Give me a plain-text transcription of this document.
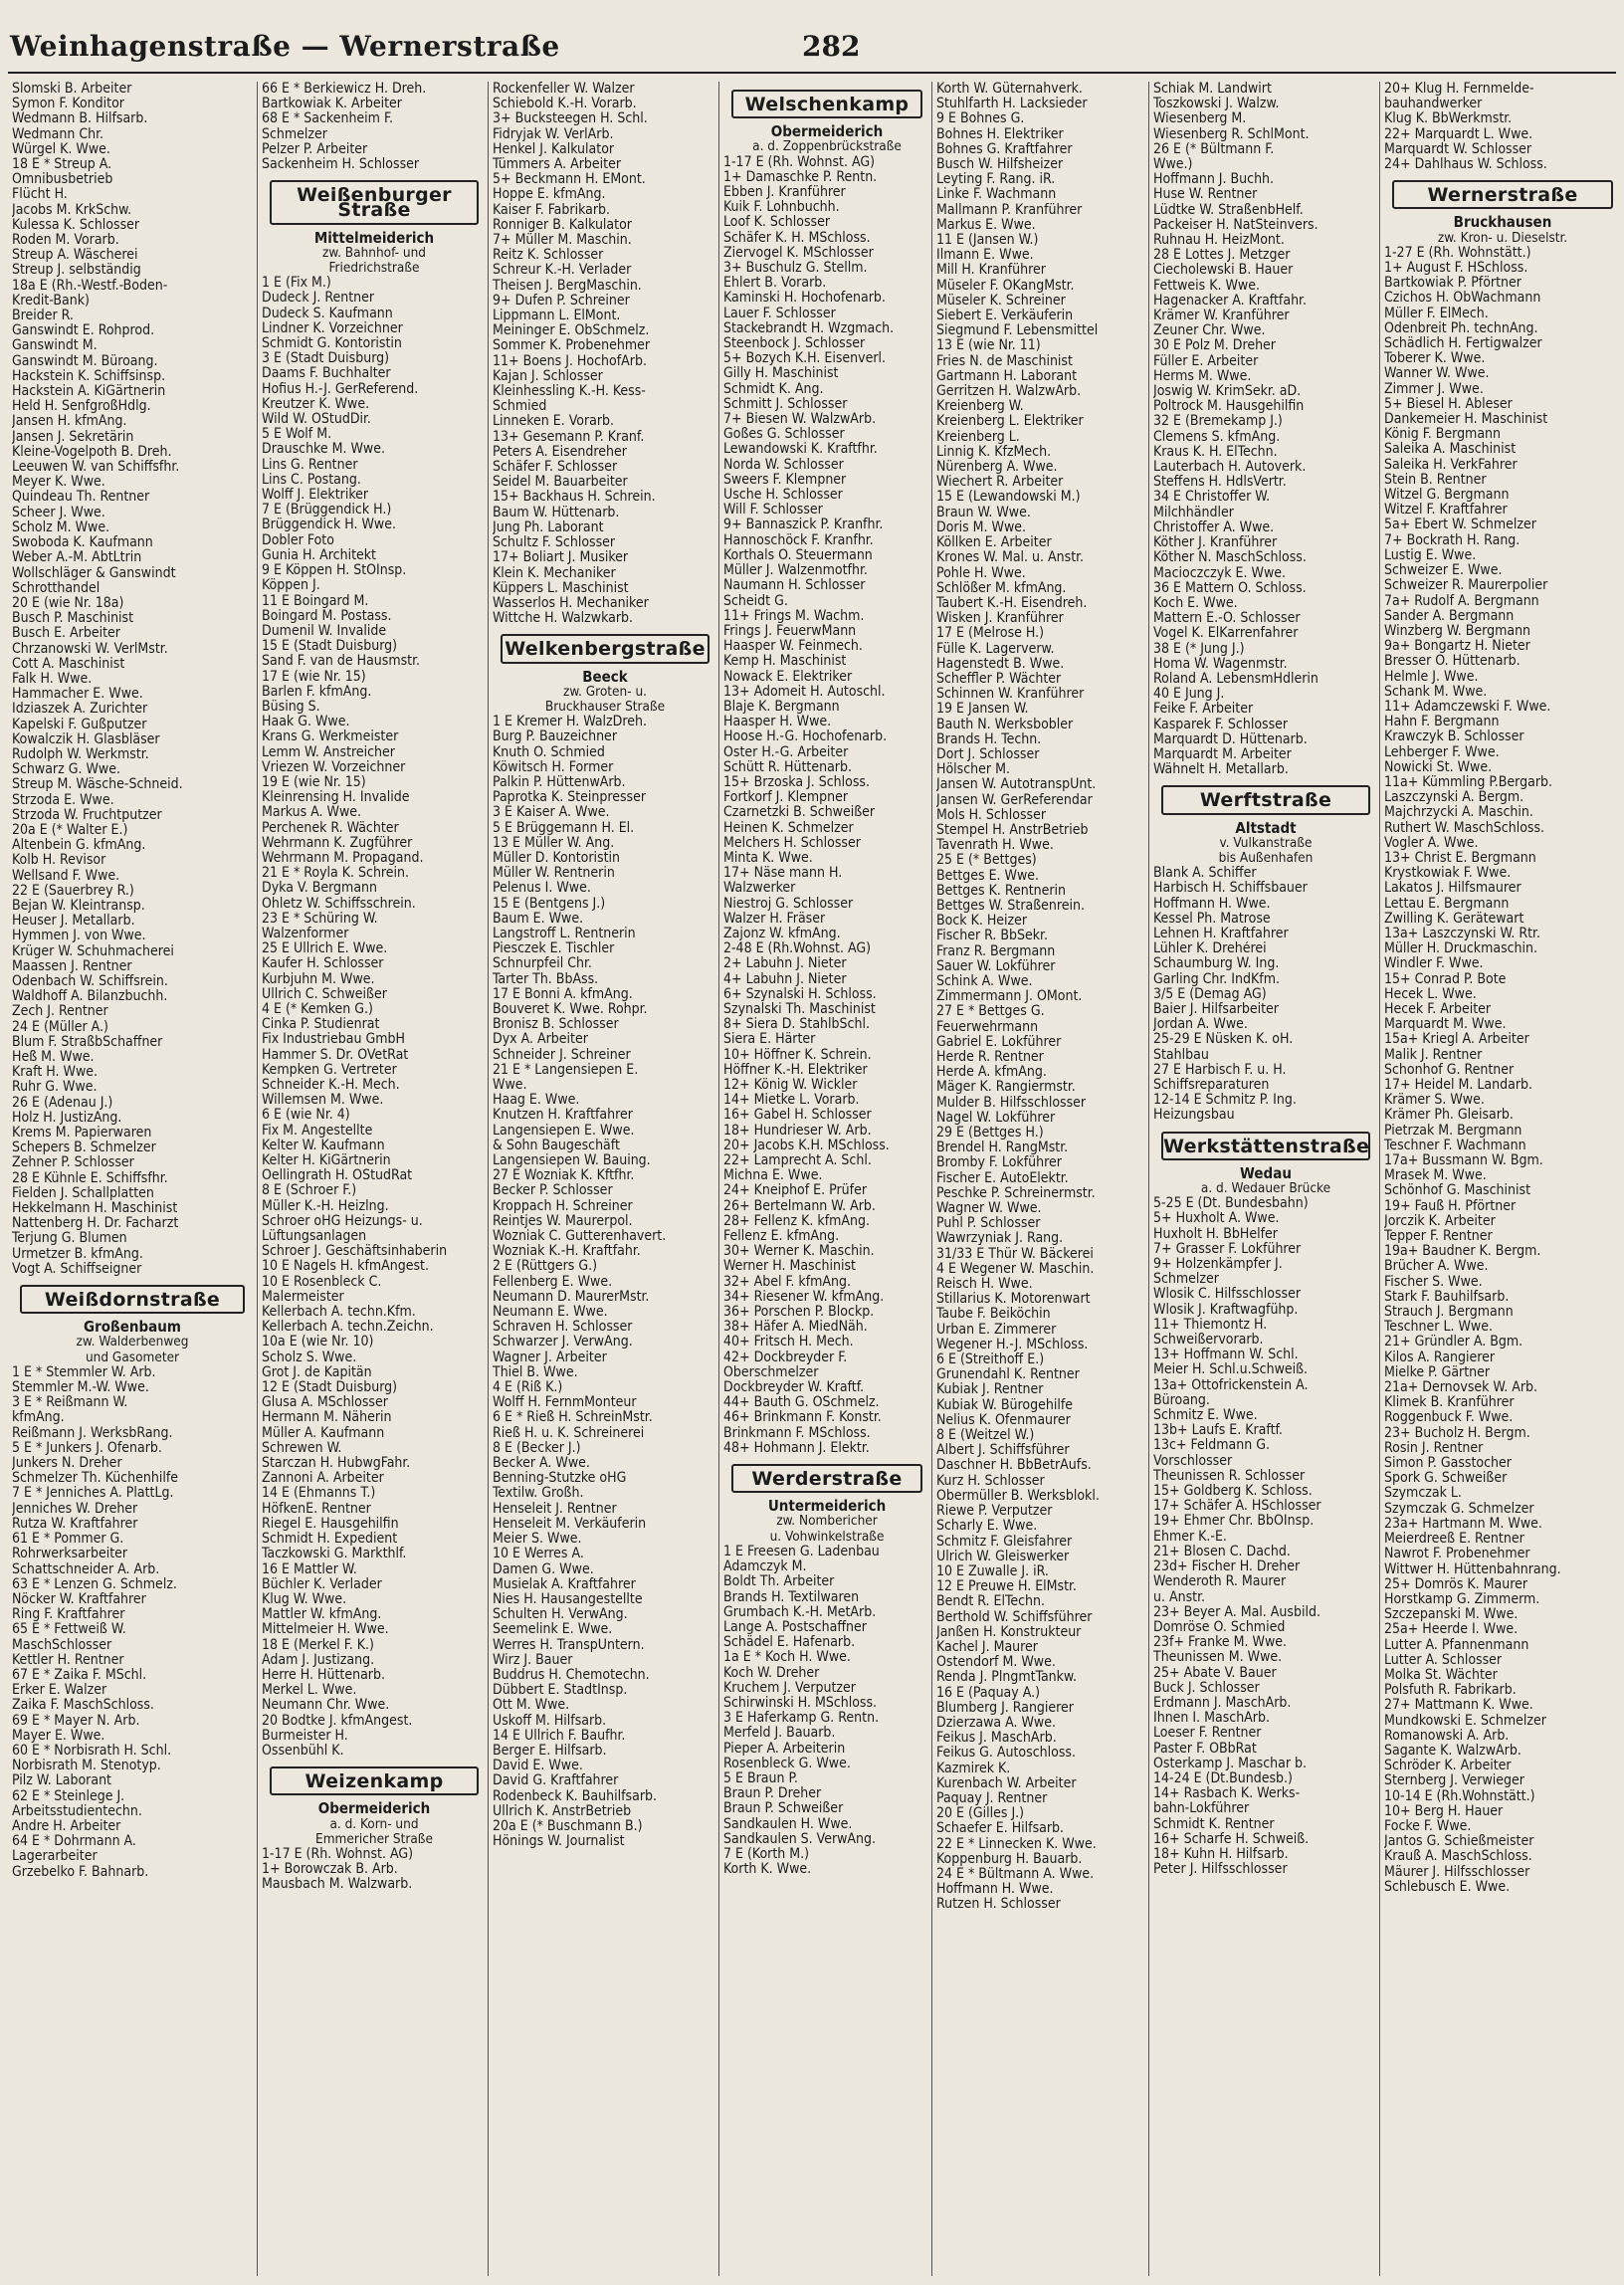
Weinhagenstraße — Wernerstraße	282
Slomski B. Arbeiter
Symon F. Konditor
Wedmann B. Hilfsarb.
Wedmann Chr.
Würgel K. Wwe.
18 E * Streup A.
Omnibusbetrieb
Flücht H.
Jacobs M. KrkSchw.
Kulessa K. Schlosser
Roden M. Vorarb.
Streup A. Wäscherei
Streup J. selbständig
18a E (Rh.-Westf.-Boden-
Kredit-Bank)
Breider R.
Ganswindt E. Rohprod.
Ganswindt M.
Ganswindt M. Büroang.
Hackstein K. Schiffsinsp.
Hackstein A. KiGärtnerin
Held H. SenfgroßHdlg.
Jansen H. kfmAng.
Jansen J. Sekretärin
Kleine-Vogelpoth B. Dreh.
Leeuwen W. van Schiffsfhr.
Meyer K. Wwe.
Quindeau Th. Rentner
Scheer J. Wwe.
Scholz M. Wwe.
Swoboda K. Kaufmann
Weber A.-M. AbtLtrin
Wollschläger & Ganswindt
Schrotthandel
20 E (wie Nr. 18a)
Busch P. Maschinist
Busch E. Arbeiter
Chrzanowski W. VerlMstr.
Cott A. Maschinist
Falk H. Wwe.
Hammacher E. Wwe.
Idziaszek A. Zurichter
Kapelski F. Gußputzer
Kowalczik H. Glasbläser
Rudolph W. Werkmstr.
Schwarz G. Wwe.
Streup M. Wäsche-Schneid.
Strzoda E. Wwe.
Strzoda W. Fruchtputzer
20a E (* Walter E.)
Altenbein G. kfmAng.
Kolb H. Revisor
Wellsand F. Wwe.
22 E (Sauerbrey R.)
Bejan W. Kleintransp.
Heuser J. Metallarb.
Hymmen J. von Wwe.
Krüger W. Schuhmacherei
Maassen J. Rentner
Odenbach W. Schiffsrein.
Waldhoff A. Bilanzbuchh.
Zech J. Rentner
24 E (Müller A.)
Blum F. StraßbSchaffner
Heß M. Wwe.
Kraft H. Wwe.
Ruhr G. Wwe.
26 E (Adenau J.)
Holz H. JustizAng.
Krems M. Papierwaren
Schepers B. Schmelzer
Zehner P. Schlosser
28 E Kühnle E. Schiffsfhr.
Fielden J. Schallplatten
Hekkelmann H. Maschinist
Nattenberg H. Dr. Facharzt
Terjung G. Blumen
Urmetzer B. kfmAng.
Vogt A. Schiffseigner
Weißdornstraße
Großenbaum
zw. Walderbenweg
und Gasometer
1 E * Stemmler W. Arb.
Stemmler M.-W. Wwe.
3 E * Reißmann W.
kfmAng.
Reißmann J. WerksbRang.
5 E * Junkers J. Ofenarb.
Junkers N. Dreher
Schmelzer Th. Küchenhilfe
7 E * Jenniches A. PlattLg.
Jenniches W. Dreher
Rutza W. Kraftfahrer
61 E * Pommer G.
Rohrwerksarbeiter
Schattschneider A. Arb.
63 E * Lenzen G. Schmelz.
Nöcker W. Kraftfahrer
Ring F. Kraftfahrer
65 E * Fettweiß W.
MaschSchlosser
Kettler H. Rentner
67 E * Zaika F. MSchl.
Erker E. Walzer
Zaika F. MaschSchloss.
69 E * Mayer N. Arb.
Mayer E. Wwe.
60 E * Norbisrath H. Schl.
Norbisrath M. Stenotyp.
Pilz W. Laborant
62 E * Steinlege J.
Arbeitsstudientechn.
Andre H. Arbeiter
64 E * Dohrmann A.
Lagerarbeiter
Grzebelko F. Bahnarb.
66 E * Berkiewicz H. Dreh.
Bartkowiak K. Arbeiter
68 E * Sackenheim F.
Schmelzer
Pelzer P. Arbeiter
Sackenheim H. Schlosser
Weißenburger Straße
Mittelmeiderich
zw. Bahnhof- und
Friedrichstraße
1 E (Fix M.)
Dudeck J. Rentner
Dudeck S. Kaufmann
Lindner K. Vorzeichner
Schmidt G. Kontoristin
3 E (Stadt Duisburg)
Daams F. Buchhalter
Hofius H.-J. GerReferend.
Kreutzer K. Wwe.
Wild W. OStudDir.
5 E Wolf M.
Drauschke M. Wwe.
Lins G. Rentner
Lins C. Postang.
Wolff J. Elektriker
7 E (Brüggendick H.)
Brüggendick H. Wwe.
Dobler Foto
Gunia H. Architekt
9 E Köppen H. StOInsp.
Köppen J.
11 E Boingard M.
Boingard M. Postass.
Dumenil W. Invalide
15 E (Stadt Duisburg)
Sand F. van de Hausmstr.
17 E (wie Nr. 15)
Barlen F. kfmAng.
Büsing S.
Haak G. Wwe.
Krans G. Werkmeister
Lemm W. Anstreicher
Vriezen W. Vorzeichner
19 E (wie Nr. 15)
Kleinrensing H. Invalide
Markus A. Wwe.
Perchenek R. Wächter
Wehrmann K. Zugführer
Wehrmann M. Propagand.
21 E * Royla K. Schrein.
Dyka V. Bergmann
Ohletz W. Schiffsschrein.
23 E * Schüring W.
Walzenformer
25 E Ullrich E. Wwe.
Kaufer H. Schlosser
Kurbjuhn M. Wwe.
Ullrich C. Schweißer
4 E (* Kemken G.)
Cinka P. Studienrat
Fix Industriebau GmbH
Hammer S. Dr. OVetRat
Kempken G. Vertreter
Schneider K.-H. Mech.
Willemsen M. Wwe.
6 E (wie Nr. 4)
Fix M. Angestellte
Kelter W. Kaufmann
Kelter H. KiGärtnerin
Oellingrath H. OStudRat
8 E (Schroer F.)
Müller K.-H. Heizlng.
Schroer oHG Heizungs- u.
Lüftungsanlagen
Schroer J. Geschäftsinhaberin
10 E Nagels H. kfmAngest.
10 E Rosenbleck C.
Malermeister
Kellerbach A. techn.Kfm.
Kellerbach A. techn.Zeichn.
10a E (wie Nr. 10)
Scholz S. Wwe.
Grot J. de Kapitän
12 E (Stadt Duisburg)
Glusa A. MSchlosser
Hermann M. Näherin
Müller A. Kaufmann
Schrewen W.
Starczan H. HubwgFahr.
Zannoni A. Arbeiter
14 E (Ehmanns T.)
HöfkenE. Rentner
Riegel E. Hausgehilfin
Schmidt H. Expedient
Taczkowski G. Markthlf.
16 E Mattler W.
Büchler K. Verlader
Klug W. Wwe.
Mattler W. kfmAng.
Mittelmeier H. Wwe.
18 E (Merkel F. K.)
Adam J. Justizang.
Herre H. Hüttenarb.
Merkel L. Wwe.
Neumann Chr. Wwe.
20 Bodtke J. kfmAngest.
Burmeister H.
Ossenbühl K.
Weizenkamp
Obermeiderich
a. d. Korn- und
Emmericher Straße
1-17 E (Rh. Wohnst. AG)
1+ Borowczak B. Arb.
Mausbach M. Walzwarb.
Rockenfeller W. Walzer
Schiebold K.-H. Vorarb.
3+ Bucksteegen H. Schl.
Fidryjak W. VerlArb.
Henkel J. Kalkulator
Tümmers A. Arbeiter
5+ Beckmann H. EMont.
Hoppe E. kfmAng.
Kaiser F. Fabrikarb.
Ronniger B. Kalkulator
7+ Müller M. Maschin.
Reitz K. Schlosser
Schreur K.-H. Verlader
Theisen J. BergMaschin.
9+ Dufen P. Schreiner
Lippmann L. ElMont.
Meininger E. ObSchmelz.
Sommer K. Probenehmer
11+ Boens J. HochofArb.
Kajan J. Schlosser
Kleinhessling K.-H. Kess-
Schmied
Linneken E. Vorarb.
13+ Gesemann P. Kranf.
Peters A. Eisendreher
Schäfer F. Schlosser
Seidel M. Bauarbeiter
15+ Backhaus H. Schrein.
Baum W. Hüttenarb.
Jung Ph. Laborant
Schultz F. Schlosser
17+ Boliart J. Musiker
Klein K. Mechaniker
Küppers L. Maschinist
Wasserlos H. Mechaniker
Wittche H. Walzwkarb.
Welkenbergstraße
Beeck
zw. Groten- u.
Bruckhauser Straße
1 E Kremer H. WalzDreh.
Burg P. Bauzeichner
Knuth O. Schmied
Köwitsch H. Former
Palkin P. HüttenwArb.
Paprotka K. Steinpresser
3 E Kaiser A. Wwe.
5 E Brüggemann H. El.
13 E Müller W. Ang.
Müller D. Kontoristin
Müller W. Rentnerin
Pelenus I. Wwe.
15 E (Bentgens J.)
Baum E. Wwe.
Langstroff L. Rentnerin
Piesczek E. Tischler
Schnurpfeil Chr.
Tarter Th. BbAss.
17 E Bonni A. kfmAng.
Bouveret K. Wwe. Rohpr.
Bronisz B. Schlosser
Dyx A. Arbeiter
Schneider J. Schreiner
21 E * Langensiepen E.
Wwe.
Haag E. Wwe.
Knutzen H. Kraftfahrer
Langensiepen E. Wwe.
& Sohn Baugeschäft
Langensiepen W. Bauing.
27 E Wozniak K. Kftfhr.
Becker P. Schlosser
Kroppach H. Schreiner
Reintjes W. Maurerpol.
Wozniak C. Gutterenhavert.
Wozniak K.-H. Kraftfahr.
2 E (Rüttgers G.)
Fellenberg E. Wwe.
Neumann D. MaurerMstr.
Neumann E. Wwe.
Schraven H. Schlosser
Schwarzer J. VerwAng.
Wagner J. Arbeiter
Thiel B. Wwe.
4 E (Riß K.)
Wolff H. FernmMonteur
6 E * Rieß H. SchreinMstr.
Rieß H. u. K. Schreinerei
8 E (Becker J.)
Becker A. Wwe.
Benning-Stutzke oHG
Textilw. Großh.
Henseleit J. Rentner
Henseleit M. Verkäuferin
Meier S. Wwe.
10 E Werres A.
Damen G. Wwe.
Musielak A. Kraftfahrer
Nies H. Hausangestellte
Schulten H. VerwAng.
Seemelink E. Wwe.
Werres H. TranspUntern.
Wirz J. Bauer
Buddrus H. Chemotechn.
Dübbert E. StadtInsp.
Ott M. Wwe.
Uskoff M. Hilfsarb.
14 E Ullrich F. Baufhr.
Berger E. Hilfsarb.
David E. Wwe.
David G. Kraftfahrer
Rodenbeck K. Bauhilfsarb.
Ullrich K. AnstrBetrieb
20a E (* Buschmann B.)
Hönings W. Journalist
Welschenkamp
Obermeiderich
a. d. Zoppenbrückstraße
1-17 E (Rh. Wohnst. AG)
1+ Damaschke P. Rentn.
Ebben J. Kranführer
Kuik F. Lohnbuchh.
Loof K. Schlosser
Schäfer K. H. MSchloss.
Ziervogel K. MSchlosser
3+ Buschulz G. Stellm.
Ehlert B. Vorarb.
Kaminski H. Hochofenarb.
Lauer F. Schlosser
Stackebrandt H. Wzgmach.
Steenbock J. Schlosser
5+ Bozych K.H. Eisenverl.
Gilly H. Maschinist
Schmidt K. Ang.
Schmitt J. Schlosser
7+ Biesen W. WalzwArb.
Goßes G. Schlosser
Lewandowski K. Kraftfhr.
Norda W. Schlosser
Sweers F. Klempner
Usche H. Schlosser
Will F. Schlosser
9+ Bannaszick P. Kranfhr.
Hannoschöck F. Kranfhr.
Korthals O. Steuermann
Müller J. Walzenmotfhr.
Naumann H. Schlosser
Scheidt G.
11+ Frings M. Wachm.
Frings J. FeuerwMann
Haasper W. Feinmech.
Kemp H. Maschinist
Nowack E. Elektriker
13+ Adomeit H. Autoschl.
Blaje K. Bergmann
Haasper H. Wwe.
Hoose H.-G. Hochofenarb.
Oster H.-G. Arbeiter
Schütt R. Hüttenarb.
15+ Brzoska J. Schloss.
Fortkorf J. Klempner
Czarnetzki B. Schweißer
Heinen K. Schmelzer
Melchers H. Schlosser
Minta K. Wwe.
17+ Näse mann H.
Walzwerker
Niestroj G. Schlosser
Walzer H. Fräser
Zajonz W. kfmAng.
2-48 E (Rh.Wohnst. AG)
2+ Labuhn J. Nieter
4+ Labuhn J. Nieter
6+ Szynalski H. Schloss.
Szynalski Th. Maschinist
8+ Siera D. StahlbSchl.
Siera E. Härter
10+ Höffner K. Schrein.
Höffner K.-H. Elektriker
12+ König W. Wickler
14+ Mietke L. Vorarb.
16+ Gabel H. Schlosser
18+ Hundrieser W. Arb.
20+ Jacobs K.H. MSchloss.
22+ Lamprecht A. Schl.
Michna E. Wwe.
24+ Kneiphof E. Prüfer
26+ Bertelmann W. Arb.
28+ Fellenz K. kfmAng.
Fellenz E. kfmAng.
30+ Werner K. Maschin.
Werner H. Maschinist
32+ Abel F. kfmAng.
34+ Riesener W. kfmAng.
36+ Porschen P. Blockp.
38+ Häfer A. MiedNäh.
40+ Fritsch H. Mech.
42+ Dockbreyder F.
Oberschmelzer
Dockbreyder W. Kraftf.
44+ Bauth G. OSchmelz.
46+ Brinkmann F. Konstr.
Brinkmann F. MSchloss.
48+ Hohmann J. Elektr.
Werderstraße
Untermeiderich
zw. Nombericher
u. Vohwinkelstraße
1 E Freesen G. Ladenbau
Adamczyk M.
Boldt Th. Arbeiter
Brands H. Textilwaren
Grumbach K.-H. MetArb.
Lange A. Postschaffner
Schädel E. Hafenarb.
1a E * Koch H. Wwe.
Koch W. Dreher
Kruchem J. Verputzer
Schirwinski H. MSchloss.
3 E Haferkamp G. Rentn.
Merfeld J. Bauarb.
Pieper A. Arbeiterin
Rosenbleck G. Wwe.
5 E Braun P.
Braun P. Dreher
Braun P. Schweißer
Sandkaulen H. Wwe.
Sandkaulen S. VerwAng.
7 E (Korth M.)
Korth K. Wwe.
Korth W. Güternahverk.
Stuhlfarth H. Lacksieder
9 E Bohnes G.
Bohnes H. Elektriker
Bohnes G. Kraftfahrer
Busch W. Hilfsheizer
Leyting F. Rang. iR.
Linke F. Wachmann
Mallmann P. Kranführer
Markus E. Wwe.
11 E (Jansen W.)
Ilmann E. Wwe.
Mill H. Kranführer
Müseler F. OKangMstr.
Müseler K. Schreiner
Siebert E. Verkäuferin
Siegmund F. Lebensmittel
13 E (wie Nr. 11)
Fries N. de Maschinist
Gartmann H. Laborant
Gerritzen H. WalzwArb.
Kreienberg W.
Kreienberg L. Elektriker
Kreienberg L.
Linnig K. KfzMech.
Nürenberg A. Wwe.
Wiechert R. Arbeiter
15 E (Lewandowski M.)
Braun W. Wwe.
Doris M. Wwe.
Köllken E. Arbeiter
Krones W. Mal. u. Anstr.
Pohle H. Wwe.
Schlößer M. kfmAng.
Taubert K.-H. Eisendreh.
Wisken J. Kranführer
17 E (Melrose H.)
Fülle K. Lagerverw.
Hagenstedt B. Wwe.
Scheffler P. Wächter
Schinnen W. Kranführer
19 E Jansen W.
Bauth N. Werksbobler
Brands H. Techn.
Dort J. Schlosser
Hölscher M.
Jansen W. AutotranspUnt.
Jansen W. GerReferendar
Mols H. Schlosser
Stempel H. AnstrBetrieb
Tavenrath H. Wwe.
25 E (* Bettges)
Bettges E. Wwe.
Bettges K. Rentnerin
Bettges W. Straßenrein.
Bock K. Heizer
Fischer R. BbSekr.
Franz R. Bergmann
Sauer W. Lokführer
Schink A. Wwe.
Zimmermann J. OMont.
27 E * Bettges G.
Feuerwehrmann
Gabriel E. Lokführer
Herde R. Rentner
Herde A. kfmAng.
Mäger K. Rangiermstr.
Mulder B. Hilfsschlosser
Nagel W. Lokführer
29 E (Bettges H.)
Brendel H. RangMstr.
Bromby F. Lokführer
Fischer E. AutoElektr.
Peschke P. Schreinermstr.
Wagner W. Wwe.
Puhl P. Schlosser
Wawrzyniak J. Rang.
31/33 E Thür W. Bäckerei
4 E Wegener W. Maschin.
Reisch H. Wwe.
Stillarius K. Motorenwart
Taube F. Beiköchin
Urban E. Zimmerer
Wegener H.-J. MSchloss.
6 E (Streithoff E.)
Grunendahl K. Rentner
Kubiak J. Rentner
Kubiak W. Bürogehilfe
Nelius K. Ofenmaurer
8 E (Weitzel W.)
Albert J. Schiffsführer
Daschner H. BbBetrAufs.
Kurz H. Schlosser
Obermüller B. Werksblokl.
Riewe P. Verputzer
Scharly E. Wwe.
Schmitz F. Gleisfahrer
Ulrich W. Gleiswerker
10 E Zuwalle J. iR.
12 E Preuwe H. ElMstr.
Bendt R. ElTechn.
Berthold W. Schiffsführer
Janßen H. Konstrukteur
Kachel J. Maurer
Ostendorf M. Wwe.
Renda J. PlngmtTankw.
16 E (Paquay A.)
Blumberg J. Rangierer
Dzierzawa A. Wwe.
Feikus J. MaschArb.
Feikus G. Autoschloss.
Kazmirek K.
Kurenbach W. Arbeiter
Paquay J. Rentner
20 E (Gilles J.)
Schaefer E. Hilfsarb.
22 E * Linnecken K. Wwe.
Koppenburg H. Bauarb.
24 E * Bültmann A. Wwe.
Hoffmann H. Wwe.
Rutzen H. Schlosser
Schiak M. Landwirt
Toszkowski J. Walzw.
Wiesenberg M.
Wiesenberg R. SchlMont.
26 E (* Bültmann F.
Wwe.)
Hoffmann J. Buchh.
Huse W. Rentner
Lüdtke W. StraßenbHelf.
Packeiser H. NatSteinvers.
Ruhnau H. HeizMont.
28 E Lottes J. Metzger
Ciecholewski B. Hauer
Fettweis K. Wwe.
Hagenacker A. Kraftfahr.
Krämer W. Kranführer
Zeuner Chr. Wwe.
30 E Polz M. Dreher
Füller E. Arbeiter
Herms M. Wwe.
Joswig W. KrimSekr. aD.
Poltrock M. Hausgehilfin
32 E (Bremekamp J.)
Clemens S. kfmAng.
Kraus K. H. ElTechn.
Lauterbach H. Autoverk.
Steffens H. HdlsVertr.
34 E Christoffer W.
Milchhändler
Christoffer A. Wwe.
Köther J. Kranführer
Köther N. MaschSchloss.
Macioczczyk E. Wwe.
36 E Mattern O. Schloss.
Koch E. Wwe.
Mattern E.-O. Schlosser
Vogel K. ElKarrenfahrer
38 E (* Jung J.)
Homa W. Wagenmstr.
Roland A. LebensmHdlerin
40 E Jung J.
Feike F. Arbeiter
Kasparek F. Schlosser
Marquardt D. Hüttenarb.
Marquardt M. Arbeiter
Wähnelt H. Metallarb.
Werftstraße
Altstadt
v. Vulkanstraße
bis Außenhafen
Blank A. Schiffer
Harbisch H. Schiffsbauer
Hoffmann H. Wwe.
Kessel Ph. Matrose
Lehnen H. Kraftfahrer
Lühler K. Drehérei
Schaumburg W. Ing.
Garling Chr. IndKfm.
3/5 E (Demag AG)
Baier J. Hilfsarbeiter
Jordan A. Wwe.
25-29 E Nüsken K. oH.
Stahlbau
27 E Harbisch F. u. H.
Schiffsreparaturen
12-14 E Schmitz P. Ing.
Heizungsbau
Werkstättenstraße
Wedau
a. d. Wedauer Brücke
5-25 E (Dt. Bundesbahn)
5+ Huxholt A. Wwe.
Huxholt H. BbHelfer
7+ Grasser F. Lokführer
9+ Holzenkämpfer J.
Schmelzer
Wlosik C. Hilfsschlosser
Wlosik J. Kraftwagfühр.
11+ Thiemontz H.
Schweißervorarb.
13+ Hoffmann W. Schl.
Meier H. Schl.u.Schweiß.
13a+ Ottofrickenstein A.
Büroang.
Schmitz E. Wwe.
13b+ Laufs E. Kraftf.
13c+ Feldmann G.
Vorschlosser
Theunissen R. Schlosser
15+ Goldberg K. Schloss.
17+ Schäfer A. HSchlosser
19+ Ehmer Chr. BbOInsp.
Ehmer K.-E.
21+ Blosen C. Dachd.
23d+ Fischer H. Dreher
Wenderoth R. Maurer
u. Anstr.
23+ Beyer A. Mal. Ausbild.
Domröse O. Schmied
23f+ Franke M. Wwe.
Theunissen M. Wwe.
25+ Abate V. Bauer
Buck J. Schlosser
Erdmann J. MaschArb.
Ihnen I. MaschArb.
Loeser F. Rentner
Paster F. OBbRat
Osterkamp J. Maschar b.
14-24 E (Dt.Bundesb.)
14+ Rasbach K. Werks-
bahn-Lokführer
Schmidt K. Rentner
16+ Scharfe H. Schweiß.
18+ Kuhn H. Hilfsarb.
Peter J. Hilfsschlosser
20+ Klug H. Fernmelde-
bauhandwerker
Klug K. BbWerkmstr.
22+ Marquardt L. Wwe.
Marquardt W. Schlosser
24+ Dahlhaus W. Schloss.
Wernerstraße
Bruckhausen
zw. Kron- u. Dieselstr.
1-27 E (Rh. Wohnstätt.)
1+ August F. HSchloss.
Bartkowiak P. Pförtner
Czichos H. ObWachmann
Müller F. ElMech.
Odenbreit Ph. technAng.
Schädlich H. Fertigwalzer
Toberer K. Wwe.
Wanner W. Wwe.
Zimmer J. Wwe.
5+ Biesel H. Ableser
Dankemeier H. Maschinist
König F. Bergmann
Saleika A. Maschinist
Saleika H. VerkFahrer
Stein B. Rentner
Witzel G. Bergmann
Witzel F. Kraftfahrer
5a+ Ebert W. Schmelzer
7+ Bockrath H. Rang.
Lustig E. Wwe.
Schweizer E. Wwe.
Schweizer R. Maurerpolier
7a+ Rudolf A. Bergmann
Sander A. Bergmann
Winzberg W. Bergmann
9a+ Bongartz H. Nieter
Bresser O. Hüttenarb.
Helmle J. Wwe.
Schank M. Wwe.
11+ Adamczewski F. Wwe.
Hahn F. Bergmann
Krawczyk B. Schlosser
Lehberger F. Wwe.
Nowicki St. Wwe.
11a+ Kümmling P.Bergarb.
Laszczynski A. Bergm.
Majchrzycki A. Maschin.
Ruthert W. MaschSchloss.
Vogler A. Wwe.
13+ Christ E. Bergmann
Krystkowiak F. Wwe.
Lakatos J. Hilfsmaurer
Lettau E. Bergmann
Zwilling K. Gerätewart
13a+ Laszczynski W. Rtr.
Müller H. Druckmaschin.
Windler F. Wwe.
15+ Conrad P. Bote
Hecek L. Wwe.
Hecek F. Arbeiter
Marquardt M. Wwe.
15a+ Kriegl A. Arbeiter
Malik J. Rentner
Schonhof G. Rentner
17+ Heidel M. Landarb.
Krämer S. Wwe.
Krämer Ph. Gleisarb.
Pietrzak M. Bergmann
Teschner F. Wachmann
17a+ Bussmann W. Bgm.
Mrasek M. Wwe.
Schönhof G. Maschinist
19+ Fauß H. Pförtner
Jorczik K. Arbeiter
Tepper F. Rentner
19a+ Baudner K. Bergm.
Brücher A. Wwe.
Fischer S. Wwe.
Stark F. Bauhilfsarb.
Strauch J. Bergmann
Teschner L. Wwe.
21+ Gründler A. Bgm.
Kilos A. Rangierer
Mielke P. Gärtner
21a+ Dernovsek W. Arb.
Klimek B. Kranführer
Roggenbuck F. Wwe.
23+ Bucholz H. Bergm.
Rosin J. Rentner
Simon P. Gasstocher
Spork G. Schweißer
Szymczak L.
Szymczak G. Schmelzer
23a+ Hartmann M. Wwe.
Meierdreeß E. Rentner
Nawrot F. Probenehmer
Wittwer H. Hüttenbahnrang.
25+ Domrös K. Maurer
Horstkamp G. Zimmerm.
Szczepanski M. Wwe.
25a+ Heerde I. Wwe.
Lutter A. Pfannenmann
Lutter A. Schlosser
Molka St. Wächter
Polsfuth R. Fabrikarb.
27+ Mattmann K. Wwe.
Mundkowski E. Schmelzer
Romanowski A. Arb.
Sagante K. WalzwArb.
Schröder K. Arbeiter
Sternberg J. Verwieger
10-14 E (Rh.Wohnstätt.)
10+ Berg H. Hauer
Focke F. Wwe.
Jantos G. Schießmeister
Krauß A. MaschSchloss.
Mäurer J. Hilfsschlosser
Schlebusch E. Wwe.
